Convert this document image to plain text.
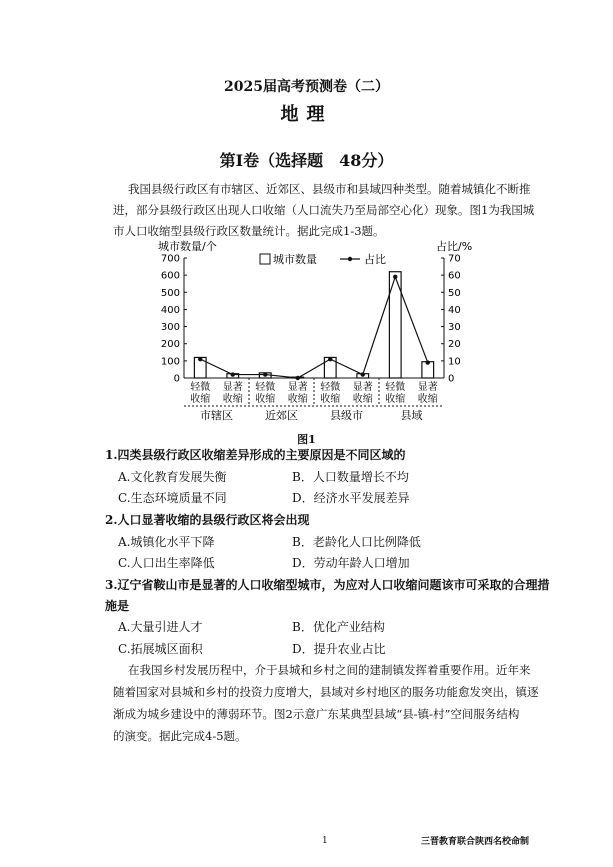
2025届高考预测卷（二）
地理
第Ⅰ卷（选择题　48分）
我国县级行政区有市辖区、近郊区、县级市和县域四种类型。随着城镇化不断推
进，部分县级行政区出现人口收缩（人口流失乃至局部空心化）现象。图1为我国城
市人口收缩型县级行政区数量统计。据此完成1-3题。
城市数量/个	占比/%
0
100
200
300
400
500
600
700
0
10
20
30
40
50
60
70
轻微
收缩
显著
收缩
轻微
收缩
显著
收缩
轻微
收缩
显著
收缩
轻微
收缩
显著
收缩
市辖区	近郊区	县级市	县域
城市数量	占比
图1
1.四类县级行政区收缩差异形成的主要原因是不同区域的
A.文化教育发展失衡	B．人口数量增长不均
C.生态环境质量不同	D．经济水平发展差异
2.人口显著收缩的县级行政区将会出现
A.城镇化水平下降	B．老龄化人口比例降低
C.人口出生率降低	D．劳动年龄人口增加
3.辽宁省鞍山市是显著的人口收缩型城市，为应对人口收缩问题该市可采取的合理措
施是
A.大量引进人才	B．优化产业结构
C.拓展城区面积	D．提升农业占比
在我国乡村发展历程中，介于县城和乡村之间的建制镇发挥着重要作用。近年来
随着国家对县城和乡村的投资力度增大，县域对乡村地区的服务功能愈发突出，镇逐
渐成为城乡建设中的薄弱环节。图2示意广东某典型县域“县-镇-村”空间服务结构
的演变。据此完成4-5题。
1	三晋教育联合陕西名校命制
